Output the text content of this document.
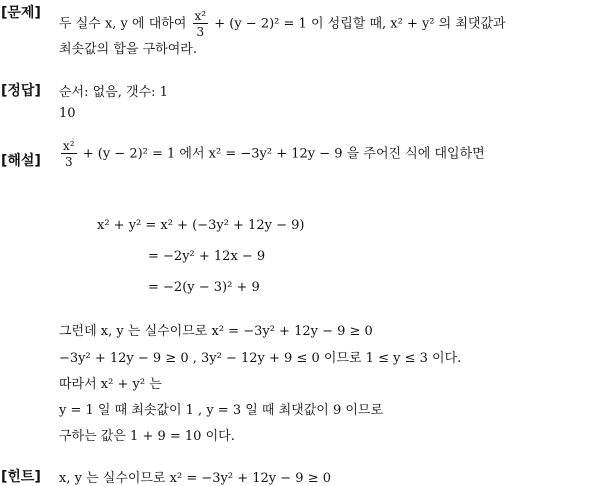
[문제]
두 실수 x, y 에 대하여 $\frac{\text{x²}}{3} + (y - 2)^2 = 1$ 이 성립할 때, x² + y² 의 최댓값과
최솟값의 합을 구하여라.
[정답] 순서: 없음, 갯수: 1
10
[해설] $\frac{\text{x²}}{3} + (y - 2)^2 = 1$ 에서 x² = −3y² + 12y − 9 을 주어진 식에 대입하면
x² + y² = x² + (−3y² + 12y − 9)
= −2y² + 12x − 9
= −2(y − 3)² + 9
그런데 x, y 는 실수이므로 x² = −3y² + 12y − 9 ≥ 0
−3y² + 12y − 9 ≥ 0 , 3y² − 12y + 9 ≤ 0 이므로 1 ≤ y ≤ 3 이다.
따라서 x² + y² 는
y = 1 일 때 최솟값이 1 , y = 3 일 때 최댓값이 9 이므로
구하는 값은 1 + 9 = 10 이다.
[힌트] x, y 는 실수이므로 x² = −3y² + 12y − 9 ≥ 0
